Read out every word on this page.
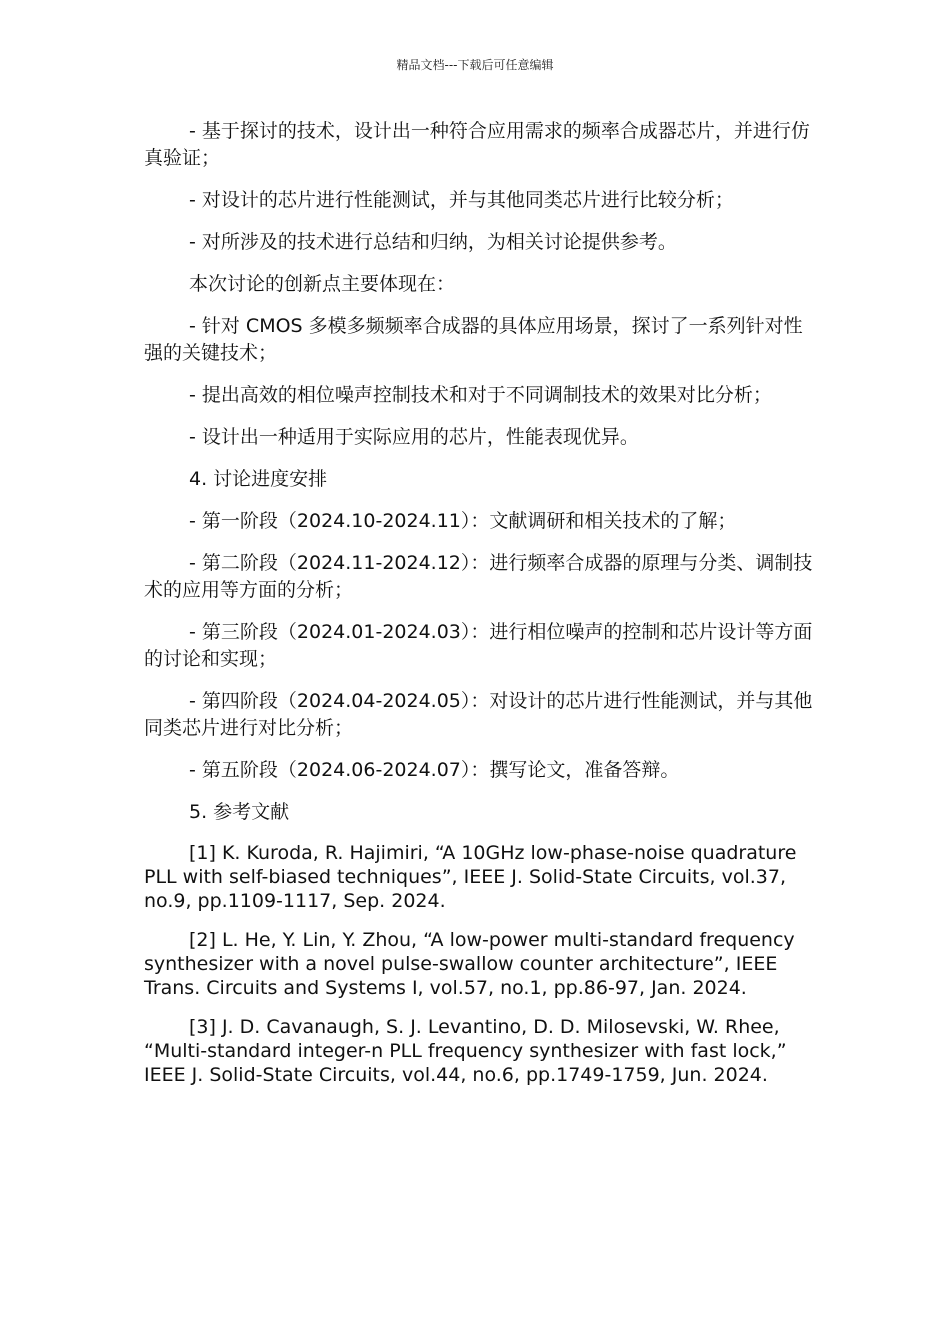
精品文档---下载后可任意编辑

- 基于探讨的技术，设计出一种符合应用需求的频率合成器芯片，并进行仿真验证；

- 对设计的芯片进行性能测试，并与其他同类芯片进行比较分析；

- 对所涉及的技术进行总结和归纳，为相关讨论提供参考。

本次讨论的创新点主要体现在：

- 针对 CMOS 多模多频频率合成器的具体应用场景，探讨了一系列针对性强的关键技术；

- 提出高效的相位噪声控制技术和对于不同调制技术的效果对比分析；

- 设计出一种适用于实际应用的芯片，性能表现优异。

4. 讨论进度安排

- 第一阶段（2024.10-2024.11）：文献调研和相关技术的了解；

- 第二阶段（2024.11-2024.12）：进行频率合成器的原理与分类、调制技术的应用等方面的分析；

- 第三阶段（2024.01-2024.03）：进行相位噪声的控制和芯片设计等方面的讨论和实现；

- 第四阶段（2024.04-2024.05）：对设计的芯片进行性能测试，并与其他同类芯片进行对比分析；

- 第五阶段（2024.06-2024.07）：撰写论文，准备答辩。

5. 参考文献

[1] K. Kuroda, R. Hajimiri, “A 10GHz low-phase-noise quadrature PLL with self-biased techniques”, IEEE J. Solid-State Circuits, vol.37, no.9, pp.1109-1117, Sep. 2024.

[2] L. He, Y. Lin, Y. Zhou, “A low-power multi-standard frequency synthesizer with a novel pulse-swallow counter architecture”, IEEE Trans. Circuits and Systems I, vol.57, no.1, pp.86-97, Jan. 2024.

[3] J. D. Cavanaugh, S. J. Levantino, D. D. Milosevski, W. Rhee, “Multi-standard integer-n PLL frequency synthesizer with fast lock,” IEEE J. Solid-State Circuits, vol.44, no.6, pp.1749-1759, Jun. 2024.
